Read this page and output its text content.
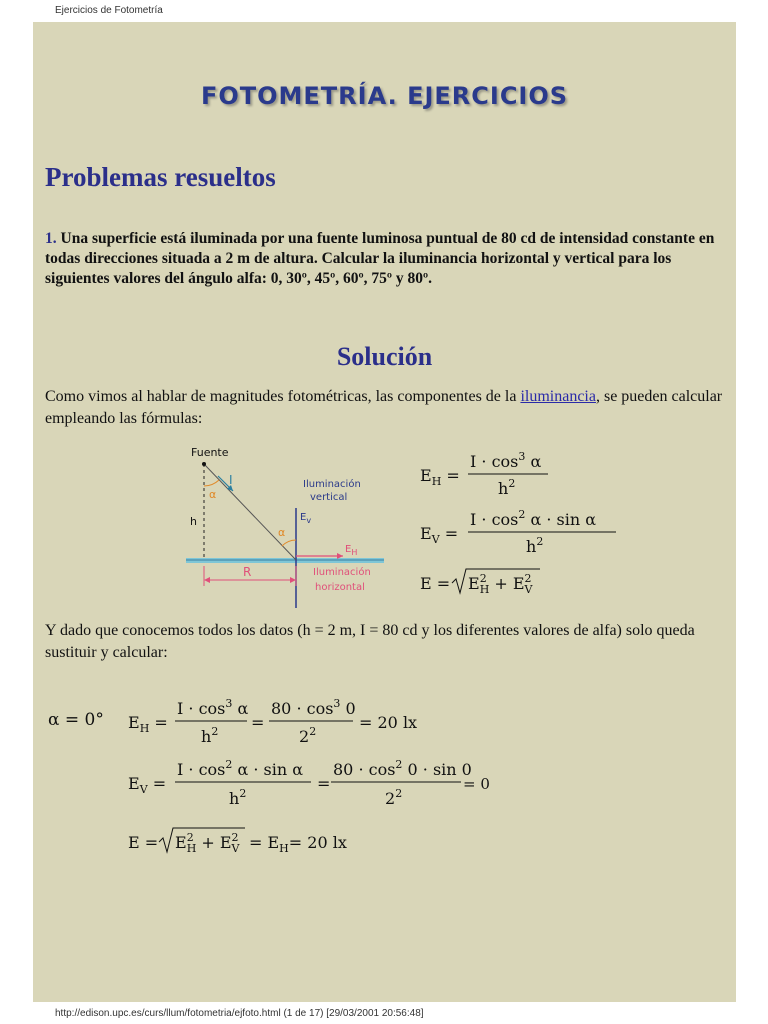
Ejercicios de Fotometría
FOTOMETRÍA. EJERCICIOS
Problemas resueltos

1. Una superficie está iluminada por una fuente luminosa puntual de 80 cd de intensidad constante en todas direcciones situada a 2 m de altura. Calcular la iluminancia horizontal y vertical para los siguientes valores del ángulo alfa: 0, 30º, 45º, 60º, 75º y 80º.

Solución

Como vimos al hablar de magnitudes fotométricas, las componentes de la iluminancia, se pueden calcular empleando las fórmulas:

Fuente
I
α
h
α
Iluminación
vertical
$E_v$
$E_H$
R	Iluminación
horizontal
$E_H$ =
$I \cdot \cos^3 \alpha$
$h^2$
$E_V$ =
$I \cdot \cos^2 \alpha \cdot \sin \alpha$
$h^2$
$E = E^2$ $H + E^2$ V

Y dado que conocemos todos los datos (h = 2 m, I = 80 cd y los diferentes valores de alfa) solo queda sustituir y calcular:

α = 0° $E_H$ =
$I \cdot \cos^3 \alpha$
$h^2$ =
$80 \cdot \cos^3 0$
$2^2$	= 20 lx
$E_V$ =
$I \cdot \cos^2 \alpha \cdot \sin \alpha$
$h^2$
=
$80 \cdot \cos^2 0 \cdot \sin 0$
$2^2$
= 0
$E = E^2$ $H + E^2$ $V = E_H= 20$ lx
http://edison.upc.es/curs/llum/fotometria/ejfoto.html (1 de 17) [29/03/2001 20:56:48]
